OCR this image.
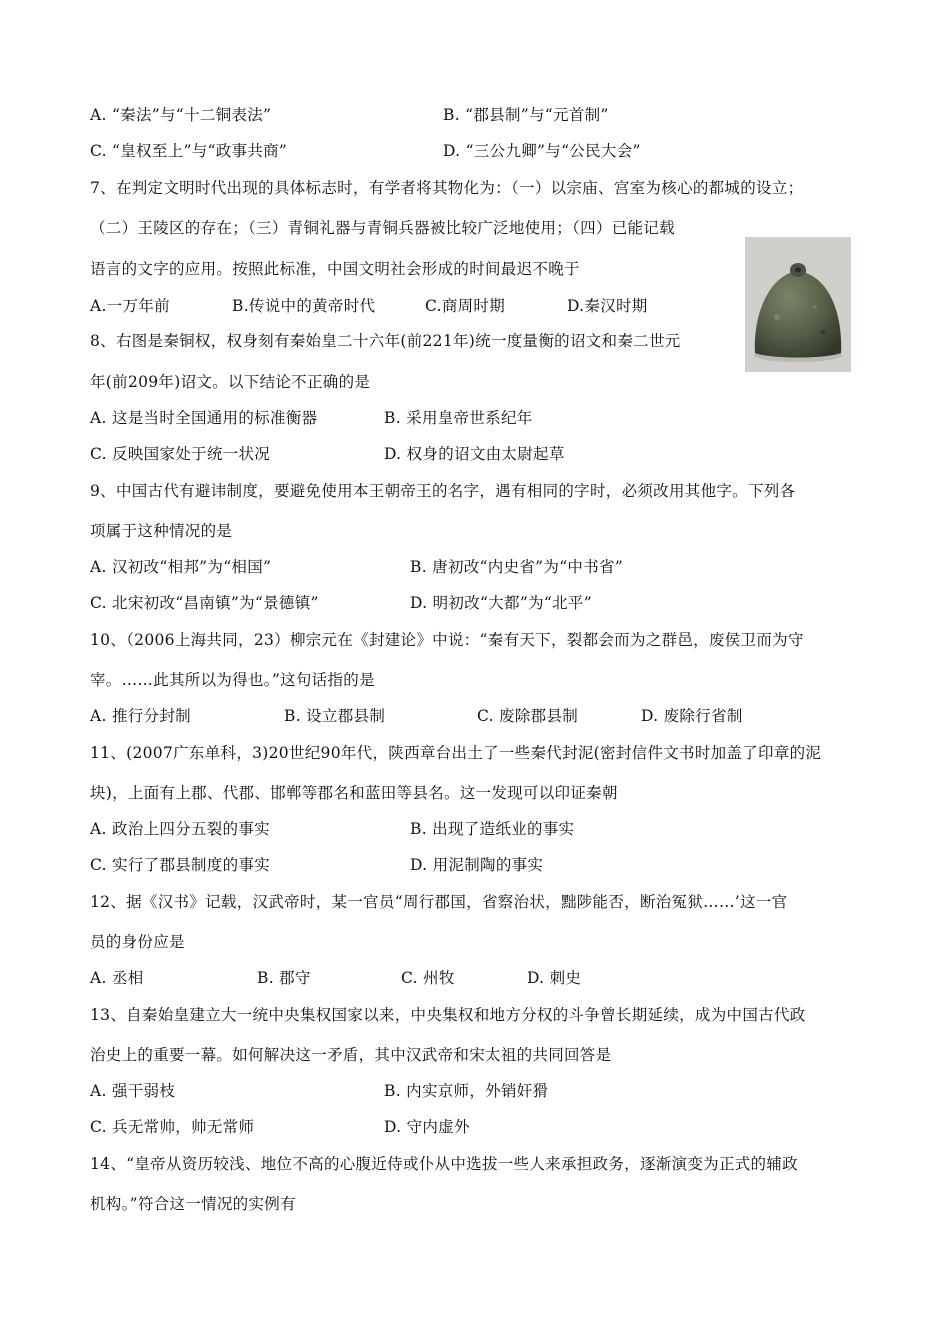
A. “秦法”与“十二铜表法”	B. “郡县制”与“元首制”
C. “皇权至上”与“政事共商”	D. “三公九卿”与“公民大会”
7、在判定文明时代出现的具体标志时，有学者将其物化为：（一）以宗庙、宫室为核心的都城的设立；
（二）王陵区的存在；（三）青铜礼器与青铜兵器被比较广泛地使用；（四）已能记载
语言的文字的应用。按照此标准，中国文明社会形成的时间最迟不晚于
A.一万年前	B.传说中的黄帝时代	C.商周时期	D.秦汉时期
8、右图是秦铜权，权身刻有秦始皇二十六年(前221年)统一度量衡的诏文和秦二世元
年(前209年)诏文。以下结论不正确的是
A. 这是当时全国通用的标准衡器	B. 采用皇帝世系纪年
C. 反映国家处于统一状况	D. 权身的诏文由太尉起草
9、中国古代有避讳制度，要避免使用本王朝帝王的名字，遇有相同的字时，必须改用其他字。下列各
项属于这种情况的是
A. 汉初改“相邦”为“相国”	B. 唐初改“内史省”为“中书省”
C. 北宋初改“昌南镇”为“景德镇”	D. 明初改“大都”为“北平”
10、（2006上海共同，23）柳宗元在《封建论》中说：“秦有天下，裂都会而为之群邑，废侯卫而为守
宰。……此其所以为得也。”这句话指的是
A. 推行分封制	B. 设立郡县制	C. 废除郡县制	D. 废除行省制
11、(2007广东单科，3)20世纪90年代，陕西章台出土了一些秦代封泥(密封信件文书时加盖了印章的泥
块)，上面有上郡、代郡、邯郸等郡名和蓝田等县名。这一发现可以印证秦朝
A. 政治上四分五裂的事实	B. 出现了造纸业的事实
C. 实行了郡县制度的事实	D. 用泥制陶的事实
12、据《汉书》记载，汉武帝时，某一官员“周行郡国，省察治状，黜陟能否，断治冤狱……’这一官
员的身份应是
A. 丞相	B. 郡守	C. 州牧	D. 刺史
13、自秦始皇建立大一统中央集权国家以来，中央集权和地方分权的斗争曾长期延续，成为中国古代政
治史上的重要一幕。如何解决这一矛盾，其中汉武帝和宋太祖的共同回答是
A. 强干弱枝	B. 内实京师，外销奸猾
C. 兵无常帅，帅无常师	D. 守内虚外
14、“皇帝从资历较浅、地位不高的心腹近侍或仆从中选拔一些人来承担政务，逐渐演变为正式的辅政
机构。”符合这一情况的实例有
